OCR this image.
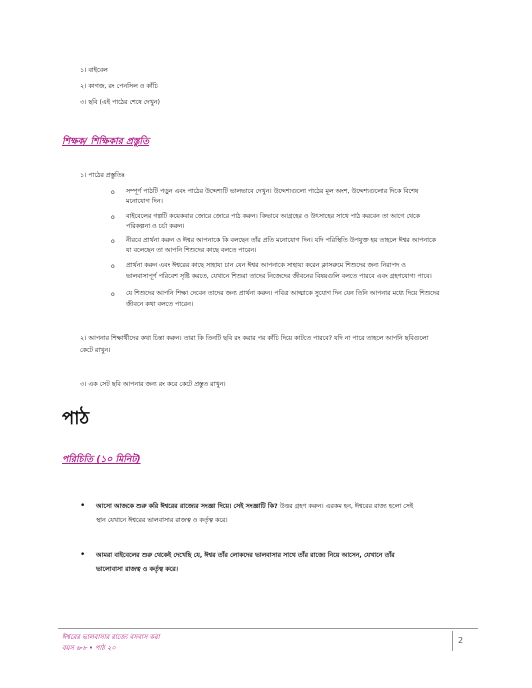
১। বাইবেল
২। কাগজ, রং পেনসিল ও কাঁচি
৩। ছবি (এই পাঠের শেষে দেখুন)
শিক্ষক/ শিক্ষিকার প্রস্তুতি
১। পাঠের প্রস্তুতিঃ
o সম্পূর্ণ পাঠটি পড়ুন এবং পাঠের উদ্দেশ্যটি ভালভাবে দেখুন। উদ্দেশ্যগুলো পাঠের মূল অংশ, উদ্দেশ্যগুলোর দিকে বিশেষ
মনোযোগ দিন।
o বাইবেলের গল্পটি কয়েকবার জোরে জোরে পাঠ করুন। কিভাবে আগ্রহের ও উৎসাহের সাথে পাঠ করবেন তা আগে থেকে
পরিকল্পনা ও চর্চা করুন।
o নীরবে প্রার্থনা করুন ও ঈশ্বর আপনাকে কি বলছেন তাঁর প্রতি মনোযোগ দিন। যদি পরিস্থিতি উপযুক্ত হয় তাহলে ঈশ্বর আপনাকে
যা বলেছেন তা আপনি শিশুদের কাছে বলতে পারেন।
o প্রার্থনা করুন এবং ঈশ্বরের কাছে সাহায্য চান যেন ঈশ্বর আপনাকে সাহায্য করেন ক্লাসরুমে শিশুদের জন্য নিরাপদ ও
ভালবাসাপূর্ণ পরিবেশ সৃষ্টি করতে, যেখানে শিশুরা তাদের নিজেদের জীবনের বিষয়গুলি বলতে পারবে এবং গ্রহণযোগ্য পাবে।
o যে শিশুদের আপনি শিক্ষা দেবেন তাদের জন্য প্রার্থনা করুন। পবিত্র আত্মাকে সুযোগ দিন যেন তিনি আপনার মধ্যে দিয়ে শিশুদের
জীবনে কথা বলতে পারেন।
২। আপনার শিক্ষার্থীদের কথা চিন্তা করুন। তারা কি তিনটি ছবি রং করার পর কাঁচি দিয়ে কাটতে পারবে? যদি না পারে তাহলে আপনি ছবিগুলো
কেটে রাখুন।
৩। এক সেট ছবি আপনার জন্য রং করে কেটে প্রস্তুত রাখুন।
পাঠ
পরিচিতি (১০ মিনিট)
• আসো আজকে শুরু করি ঈশ্বরের রাজ্যের সংজ্ঞা দিয়ে। সেই সংজ্ঞাটি কি? উত্তর গ্রহণ করুন। এরকম হন, ঈশ্বরের রাজ্য হলো সেই
স্থান যেখানে ঈশ্বরের ভালবাসার রাজত্ব ও কর্তৃত্ব করে।
• আমরা বাইবেলের শুরু থেকেই দেখেছি যে, ঈশ্বর তাঁর লোকদের ভালবাসার সাথে তাঁর রাজ্যে নিয়ে আসেন, যেখানে তাঁর
ভালোবাসা রাজত্ব ও কর্তৃত্ব করে।
ঈশ্বরের ভালবাসার রাজ্যে বসবাস করা
বয়স ৬-৮ • পাঠ ২০
2
